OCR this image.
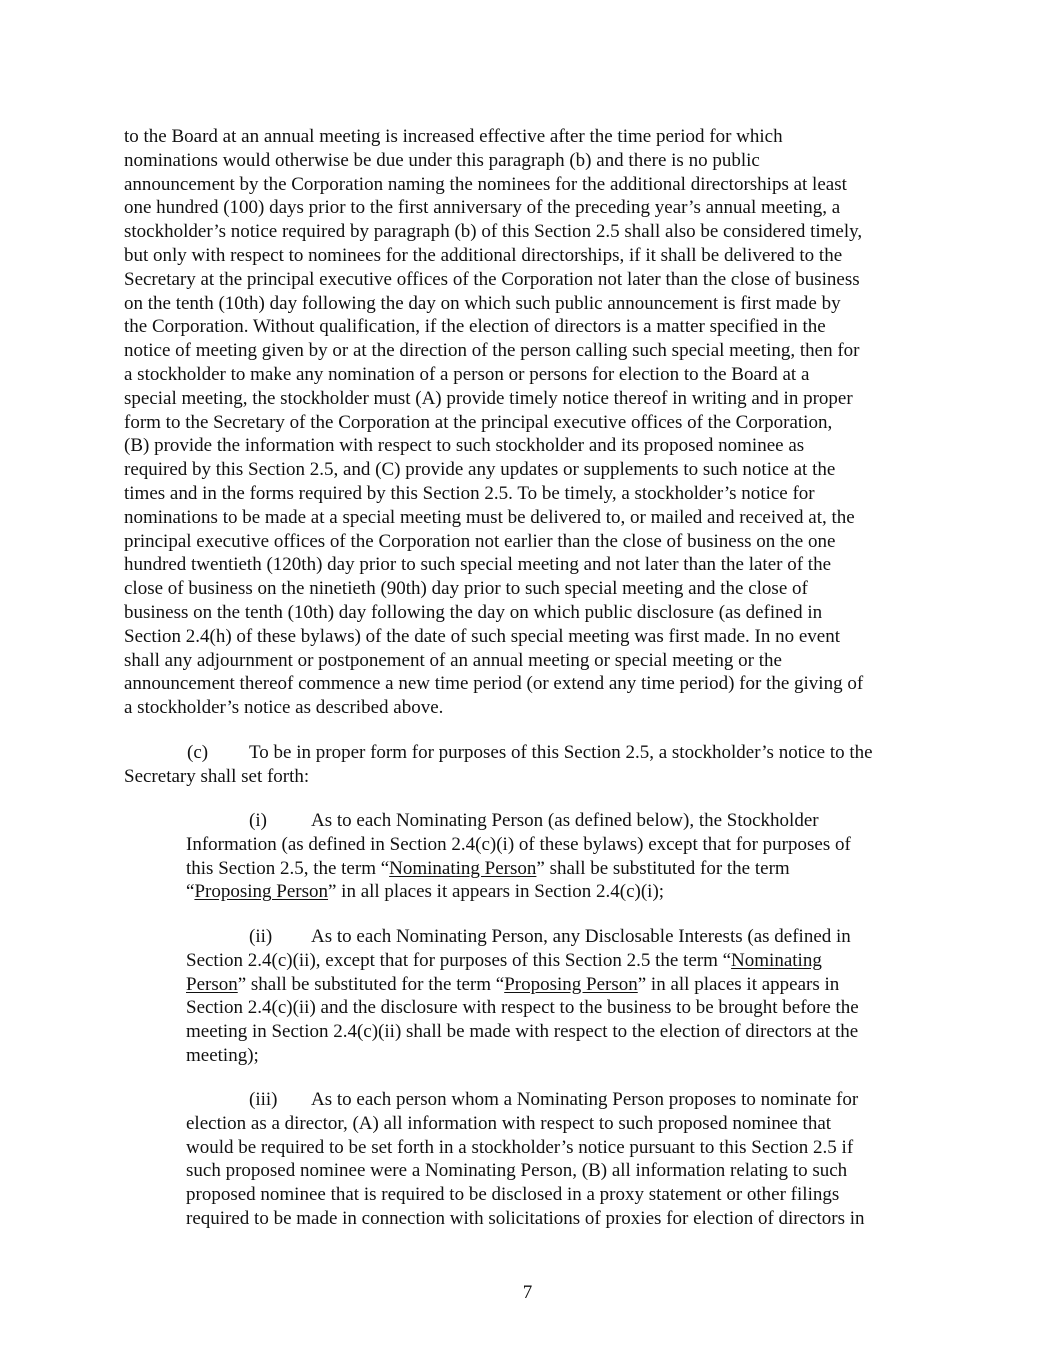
to the Board at an annual meeting is increased effective after the time period for which
nominations would otherwise be due under this paragraph (b) and there is no public
announcement by the Corporation naming the nominees for the additional directorships at least
one hundred (100) days prior to the first anniversary of the preceding year’s annual meeting, a
stockholder’s notice required by paragraph (b) of this Section 2.5 shall also be considered timely,
but only with respect to nominees for the additional directorships, if it shall be delivered to the
Secretary at the principal executive offices of the Corporation not later than the close of business
on the tenth (10th) day following the day on which such public announcement is first made by
the Corporation. Without qualification, if the election of directors is a matter specified in the
notice of meeting given by or at the direction of the person calling such special meeting, then for
a stockholder to make any nomination of a person or persons for election to the Board at a
special meeting, the stockholder must (A) provide timely notice thereof in writing and in proper
form to the Secretary of the Corporation at the principal executive offices of the Corporation,
(B) provide the information with respect to such stockholder and its proposed nominee as
required by this Section 2.5, and (C) provide any updates or supplements to such notice at the
times and in the forms required by this Section 2.5. To be timely, a stockholder’s notice for
nominations to be made at a special meeting must be delivered to, or mailed and received at, the
principal executive offices of the Corporation not earlier than the close of business on the one
hundred twentieth (120th) day prior to such special meeting and not later than the later of the
close of business on the ninetieth (90th) day prior to such special meeting and the close of
business on the tenth (10th) day following the day on which public disclosure (as defined in
Section 2.4(h) of these bylaws) of the date of such special meeting was first made. In no event
shall any adjournment or postponement of an annual meeting or special meeting or the
announcement thereof commence a new time period (or extend any time period) for the giving of
a stockholder’s notice as described above.

(c) To be in proper form for purposes of this Section 2.5, a stockholder’s notice to the
Secretary shall set forth:

(i) As to each Nominating Person (as defined below), the Stockholder
Information (as defined in Section 2.4(c)(i) of these bylaws) except that for purposes of
this Section 2.5, the term “Nominating Person” shall be substituted for the term
“Proposing Person” in all places it appears in Section 2.4(c)(i);

(ii) As to each Nominating Person, any Disclosable Interests (as defined in
Section 2.4(c)(ii), except that for purposes of this Section 2.5 the term “Nominating
Person” shall be substituted for the term “Proposing Person” in all places it appears in
Section 2.4(c)(ii) and the disclosure with respect to the business to be brought before the
meeting in Section 2.4(c)(ii) shall be made with respect to the election of directors at the
meeting);

(iii) As to each person whom a Nominating Person proposes to nominate for
election as a director, (A) all information with respect to such proposed nominee that
would be required to be set forth in a stockholder’s notice pursuant to this Section 2.5 if
such proposed nominee were a Nominating Person, (B) all information relating to such
proposed nominee that is required to be disclosed in a proxy statement or other filings
required to be made in connection with solicitations of proxies for election of directors in

7
